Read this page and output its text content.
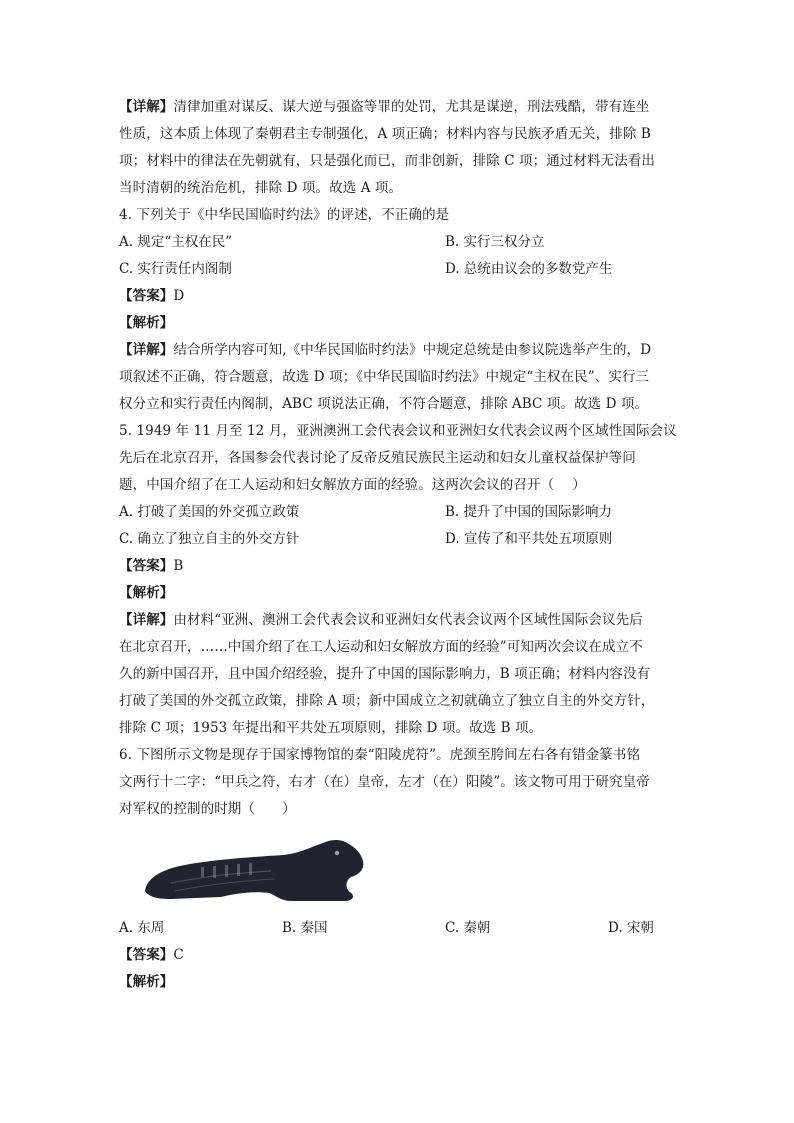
【详解】清律加重对谋反、谋大逆与强盗等罪的处罚，尤其是谋逆，刑法残酷，带有连坐
性质，这本质上体现了秦朝君主专制强化，A 项正确；材料内容与民族矛盾无关，排除 B
项；材料中的律法在先朝就有，只是强化而已，而非创新，排除 C 项；通过材料无法看出
当时清朝的统治危机，排除 D 项。故选 A 项。
4. 下列关于《中华民国临时约法》的评述，不正确的是
A. 规定“主权在民”	B. 实行三权分立
C. 实行责任内阁制	D. 总统由议会的多数党产生
【答案】D
【解析】
【详解】结合所学内容可知,《中华民国临时约法》中规定总统是由参议院选举产生的，D
项叙述不正确，符合题意，故选 D 项；《中华民国临时约法》中规定“主权在民”、实行三
权分立和实行责任内阁制，ABC 项说法正确，不符合题意，排除 ABC 项。故选 D 项。
5. 1949 年 11 月至 12 月，亚洲澳洲工会代表会议和亚洲妇女代表会议两个区域性国际会议
先后在北京召开，各国参会代表讨论了反帝反殖民族民主运动和妇女儿童权益保护等问
题，中国介绍了在工人运动和妇女解放方面的经验。这两次会议的召开（　 ）
A. 打破了美国的外交孤立政策	B. 提升了中国的国际影响力
C. 确立了独立自主的外交方针	D. 宣传了和平共处五项原则
【答案】B
【解析】
【详解】由材料“亚洲、澳洲工会代表会议和亚洲妇女代表会议两个区域性国际会议先后
在北京召开，……中国介绍了在工人运动和妇女解放方面的经验”可知两次会议在成立不
久的新中国召开，且中国介绍经验，提升了中国的国际影响力，B 项正确；材料内容没有
打破了美国的外交孤立政策，排除 A 项；新中国成立之初就确立了独立自主的外交方针，
排除 C 项；1953 年提出和平共处五项原则，排除 D 项。故选 B 项。
6. 下图所示文物是现存于国家博物馆的秦“阳陵虎符”。虎颈至胯间左右各有错金篆书铭
文两行十二字：“甲兵之符，右才（在）皇帝，左才（在）阳陵”。该文物可用于研究皇帝
对军权的控制的时期（　　）
A. 东周	B. 秦国	C. 秦朝	D. 宋朝
【答案】C
【解析】
